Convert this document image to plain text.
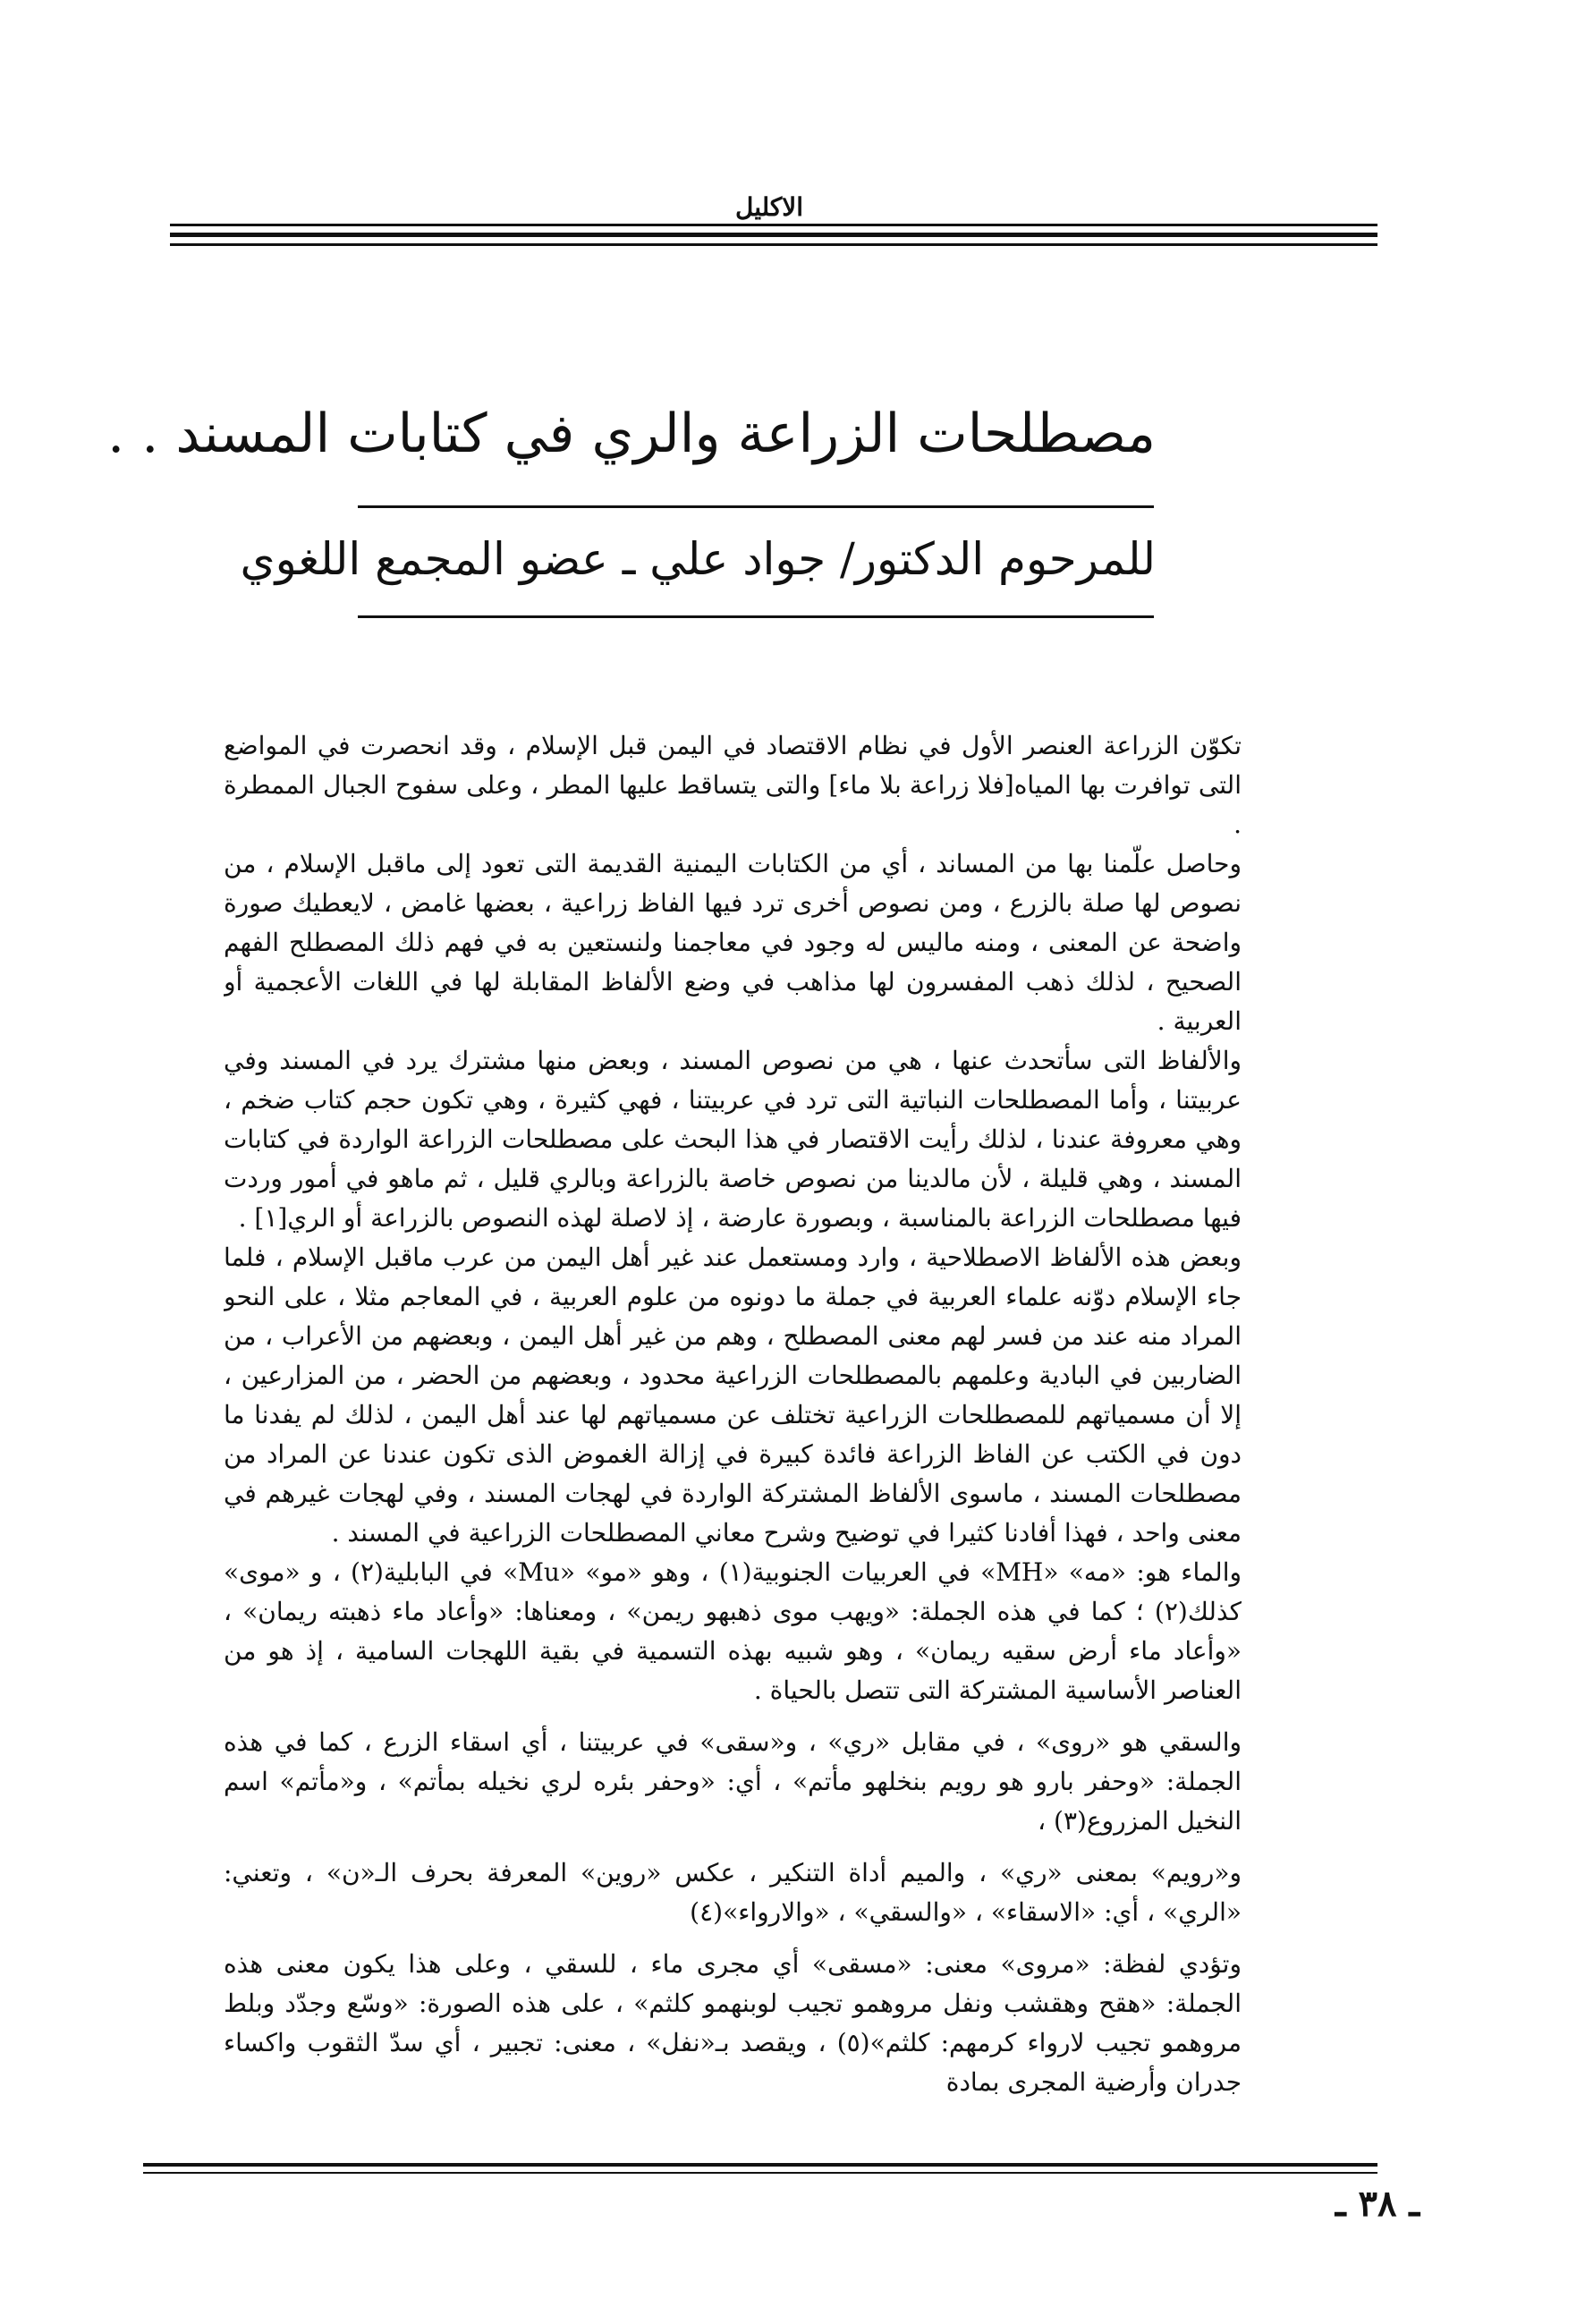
الاكليل
مصطلحات الزراعة والري في كتابات المسند . .
للمرحوم الدكتور/ جواد علي ـ عضو المجمع اللغوي

تكوّن الزراعة العنصر الأول في نظام الاقتصاد في اليمن قبل الإسلام ، وقد انحصرت في المواضع التى توافرت بها المياه[فلا زراعة بلا ماء] والتى يتساقط عليها المطر ، وعلى سفوح الجبال الممطرة .

وحاصل علّمنا بها من المساند ، أي من الكتابات اليمنية القديمة التى تعود إلى ماقبل الإسلام ، من نصوص لها صلة بالزرع ، ومن نصوص أخرى ترد فيها الفاظ زراعية ، بعضها غامض ، لايعطيك صورة واضحة عن المعنى ، ومنه ماليس له وجود في معاجمنا ولنستعين به في فهم ذلك المصطلح الفهم الصحيح ، لذلك ذهب المفسرون لها مذاهب في وضع الألفاظ المقابلة لها في اللغات الأعجمية أو العربية .

والألفاظ التى سأتحدث عنها ، هي من نصوص المسند ، وبعض منها مشترك يرد في المسند وفي عربيتنا ، وأما المصطلحات النباتية التى ترد في عربيتنا ، فهي كثيرة ، وهي تكون حجم كتاب ضخم ، وهي معروفة عندنا ، لذلك رأيت الاقتصار في هذا البحث على مصطلحات الزراعة الواردة في كتابات المسند ، وهي قليلة ، لأن مالدينا من نصوص خاصة بالزراعة وبالري قليل ، ثم ماهو في أمور وردت فيها مصطلحات الزراعة بالمناسبة ، وبصورة عارضة ، إذ لاصلة لهذه النصوص بالزراعة أو الري[١] .

وبعض هذه الألفاظ الاصطلاحية ، وارد ومستعمل عند غير أهل اليمن من عرب ماقبل الإسلام ، فلما جاء الإسلام دوّنه علماء العربية في جملة ما دونوه من علوم العربية ، في المعاجم مثلا ، على النحو المراد منه عند من فسر لهم معنى المصطلح ، وهم من غير أهل اليمن ، وبعضهم من الأعراب ، من الضاربين في البادية وعلمهم بالمصطلحات الزراعية محدود ، وبعضهم من الحضر ، من المزارعين ، إلا أن مسمياتهم للمصطلحات الزراعية تختلف عن مسمياتهم لها عند أهل اليمن ، لذلك لم يفدنا ما دون في الكتب عن الفاظ الزراعة فائدة كبيرة في إزالة الغموض الذى تكون عندنا عن المراد من مصطلحات المسند ، ماسوى الألفاظ المشتركة الواردة في لهجات المسند ، وفي لهجات غيرهم في معنى واحد ، فهذا أفادنا كثيرا في توضيح وشرح معاني المصطلحات الزراعية في المسند .

والماء هو: «مه» «MH» في العربيات الجنوبية(١) ، وهو «مو» «Mu» في البابلية(٢) ، و «موى» كذلك(٢) ؛ كما في هذه الجملة: «ويهب موى ذهبهو ريمن» ، ومعناها: «وأعاد ماء ذهبته ريمان» ، «وأعاد ماء أرض سقيه ريمان» ، وهو شبيه بهذه التسمية في بقية اللهجات السامية ، إذ هو من العناصر الأساسية المشتركة التى تتصل بالحياة .

والسقي هو «روى» ، في مقابل «ري» ، و«سقى» في عربيتنا ، أي اسقاء الزرع ، كما في هذه الجملة: «وحفر بارو هو رويم بنخلهو مأتم» ، أي: «وحفر بئره لري نخيله بمأتم» ، و«مأتم» اسم النخيل المزروع(٣) ،

و«رويم» بمعنى «ري» ، والميم أداة التنكير ، عكس «روين» المعرفة بحرف الـ«ن» ، وتعني: «الري» ، أي: «الاسقاء» ، «والسقي» ، «والارواء»(٤)

وتؤدي لفظة: «مروى» معنى: «مسقى» أي مجرى ماء ، للسقي ، وعلى هذا يكون معنى هذه الجملة: «هقح وهقشب ونفل مروهمو تجيب لوبنهمو كلثم» ، على هذه الصورة: «وسّع وجدّد وبلط مروهمو تجيب لارواء كرمهم: كلثم»(٥) ، ويقصد بـ«نفل» ، معنى: تجبير ، أي سدّ الثقوب واكساء جدران وأرضية المجرى بمادة

ـ ٣٨ ـ
